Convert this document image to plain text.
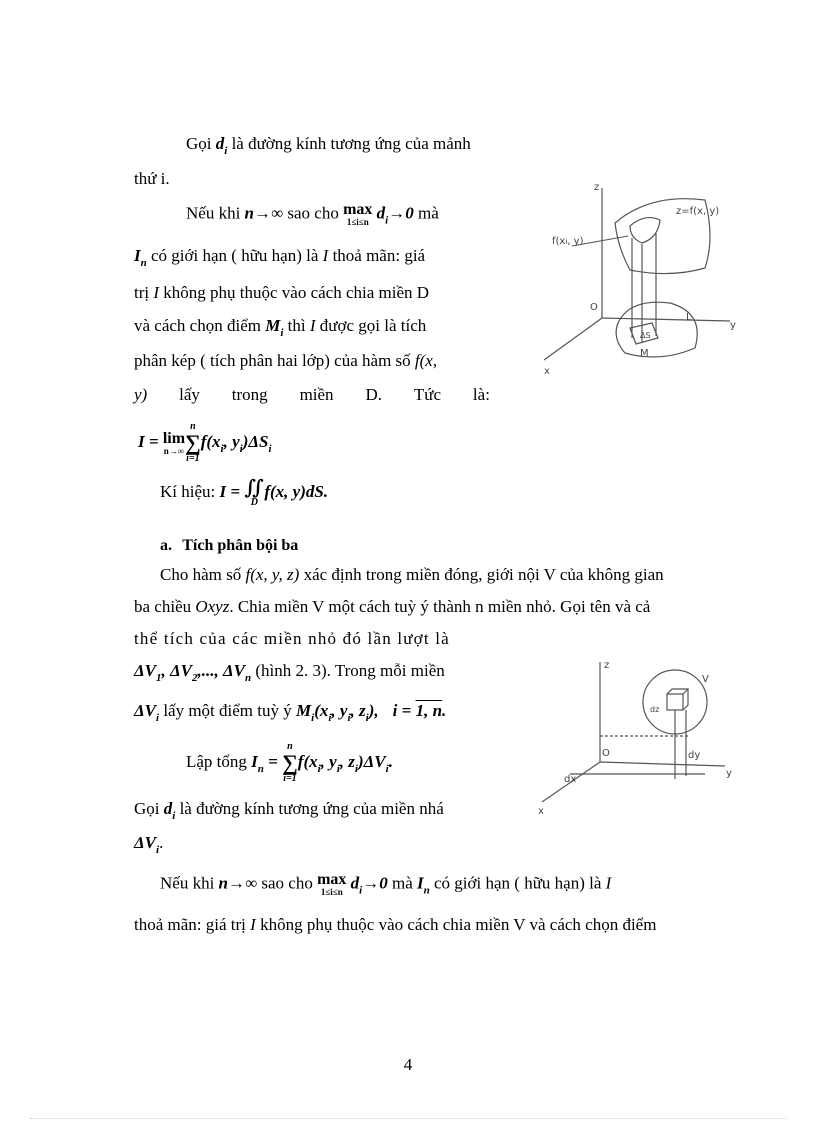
Gọi $d_i$ là đường kính tương ứng của mảnh
thứ i.
Nếu khi n→∞ sao cho max
1≤i≤n $d_i\to 0$ mà
$I_n$ có giới hạn ( hữu hạn) là I thoả mãn: giá
trị I không phụ thuộc vào cách chia miền D
và cách chọn điểm $M_i$ thì I được gọi là tích
phân kép ( tích phân hai lớp) của hàm số f(x,
y) lấy trong miền D. Tức là:
I = lim
n→∞
n
∑
i=1
$f(x_i$, $y_i)\Delta S_i$
Kí hiệu: I = ∬
D
f(x, y)dS.
a. Tích phân bội ba
Cho hàm số f(x, y, z) xác định trong miền đóng, giới nội V của không gian
ba chiều Oxyz. Chia miền V một cách tuỳ ý thành n miền nhỏ. Gọi tên và cả
thể tích của các miền nhỏ đó lần lượt là
$\Delta V_1$, $\Delta V_2$,..., $\Delta V_n$ (hình 2. 3). Trong mỗi miền
$\Delta V_i$ lấy một điểm tuỳ ý $M_i(x_i$, $y_i$, $z_i$), i = 1, n.
Lập tổng $I_n$ =
n
∑
i=1
$f(x_i$, $y_i$, $z_i)\Delta V_i$.
Gọi $d_i$ là đường kính tương ứng của miền nhá
$\Delta V_i$.
Nếu khi n→∞ sao cho max
1≤i≤n $d_i\to 0$ mà $I_n$ có giới hạn ( hữu hạn) là I
thoả mãn: giá trị I không phụ thuộc vào cách chia miền V và cách chọn điểm
z
z=f(x, y)
f(xi, y)
O
y
x
L
ΔS
M
z
V
dz
O	dy
y
dx
x
4
